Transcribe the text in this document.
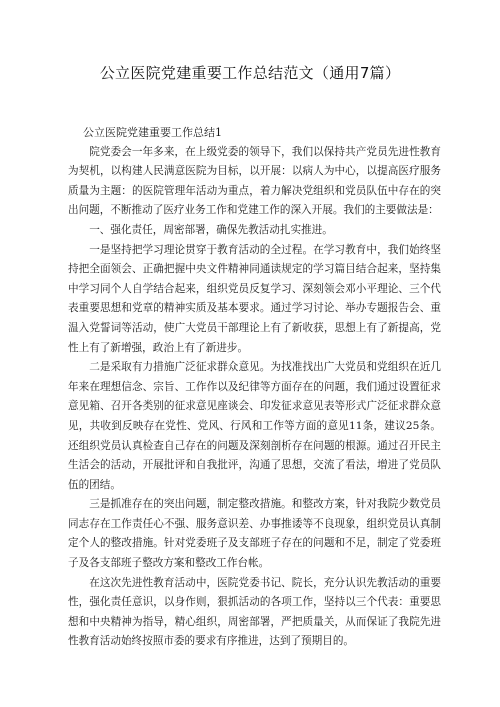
公立医院党建重要工作总结范文（通用7篇）

公立医院党建重要工作总结1

院党委会一年多来，在上级党委的领导下，我们以保持共产党员先进性教育为契机，以构建人民满意医院为目标，以开展：以病人为中心，以提高医疗服务质量为主题：的医院管理年活动为重点，着力解决党组织和党员队伍中存在的突出问题，不断推动了医疗业务工作和党建工作的深入开展。我们的主要做法是：

一、强化责任，周密部署，确保先教活动扎实推进。

一是坚持把学习理论贯穿于教育活动的全过程。在学习教育中，我们始终坚持把全面领会、正确把握中央文件精神同通读规定的学习篇目结合起来，坚持集中学习同个人自学结合起来，组织党员反复学习、深刻领会邓小平理论、三个代表重要思想和党章的精神实质及基本要求。通过学习讨论、举办专题报告会、重温入党誓词等活动，使广大党员干部理论上有了新收获，思想上有了新提高，党性上有了新增强，政治上有了新进步。

二是采取有力措施广泛征求群众意见。为找准找出广大党员和党组织在近几年来在理想信念、宗旨、工作作以及纪律等方面存在的问题，我们通过设置征求意见箱、召开各类别的征求意见座谈会、印发征求意见表等形式广泛征求群众意见，共收到反映存在党性、党风、行风和工作等方面的意见11条，建议25条。还组织党员认真检查自己存在的问题及深刻剖析存在问题的根源。通过召开民主生活会的活动，开展批评和自我批评，沟通了思想，交流了看法，增进了党员队伍的团结。

三是抓准存在的突出问题，制定整改措施。和整改方案，针对我院少数党员同志存在工作责任心不强、服务意识差、办事推诿等不良现象，组织党员认真制定个人的整改措施。针对党委班子及支部班子存在的问题和不足，制定了党委班子及各支部班子整改方案和整改工作台帐。

在这次先进性教育活动中，医院党委书记、院长，充分认识先教活动的重要性，强化责任意识，以身作则，狠抓活动的各项工作，坚持以三个代表：重要思想和中央精神为指导，精心组织，周密部署，严把质量关，从而保证了我院先进性教育活动始终按照市委的要求有序推进，达到了预期目的。
